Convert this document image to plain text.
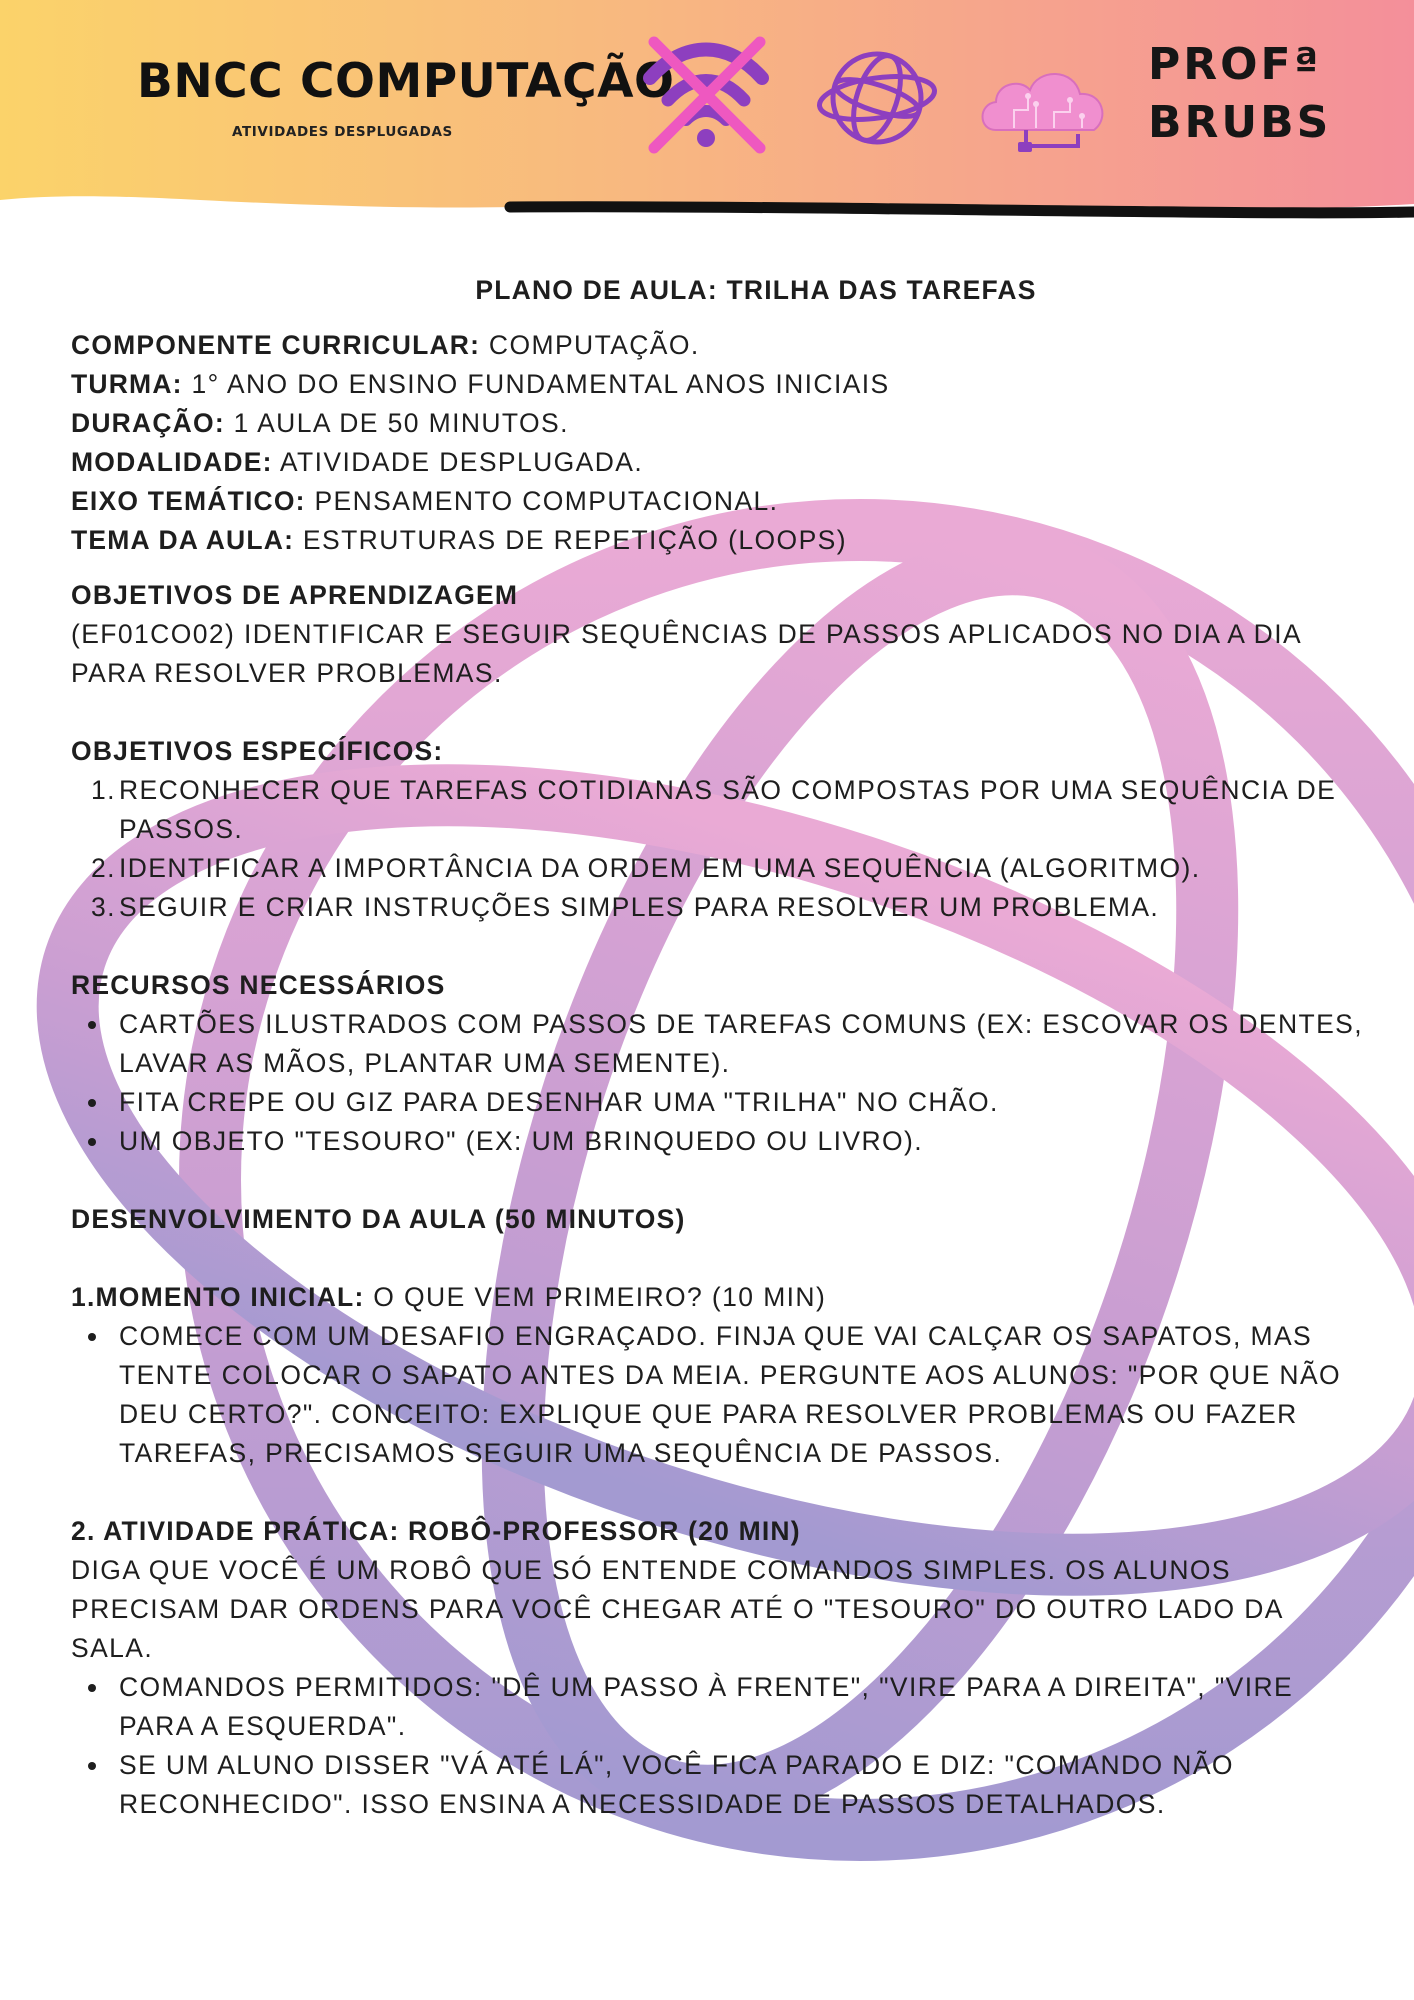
BNCC COMPUTAÇÃO
ATIVIDADES DESPLUGADAS
PROFª
BRUBS

PLANO DE AULA: TRILHA DAS TAREFAS

COMPONENTE CURRICULAR: COMPUTAÇÃO.

TURMA: 1° ANO DO ENSINO FUNDAMENTAL ANOS INICIAIS

DURAÇÃO: 1 AULA DE 50 MINUTOS.

MODALIDADE: ATIVIDADE DESPLUGADA.

EIXO TEMÁTICO: PENSAMENTO COMPUTACIONAL.

TEMA DA AULA: ESTRUTURAS DE REPETIÇÃO (LOOPS)

OBJETIVOS DE APRENDIZAGEM

(EF01CO02) IDENTIFICAR E SEGUIR SEQUÊNCIAS DE PASSOS APLICADOS NO DIA A DIA PARA RESOLVER PROBLEMAS.

OBJETIVOS ESPECÍFICOS:

1. RECONHECER QUE TAREFAS COTIDIANAS SÃO COMPOSTAS POR UMA SEQUÊNCIA DE PASSOS.
2. IDENTIFICAR A IMPORTÂNCIA DA ORDEM EM UMA SEQUÊNCIA (ALGORITMO).
3. SEGUIR E CRIAR INSTRUÇÕES SIMPLES PARA RESOLVER UM PROBLEMA.

RECURSOS NECESSÁRIOS

CARTÕES ILUSTRADOS COM PASSOS DE TAREFAS COMUNS (EX: ESCOVAR OS DENTES, LAVAR AS MÃOS, PLANTAR UMA SEMENTE).
FITA CREPE OU GIZ PARA DESENHAR UMA "TRILHA" NO CHÃO.
UM OBJETO "TESOURO" (EX: UM BRINQUEDO OU LIVRO).

DESENVOLVIMENTO DA AULA (50 MINUTOS)

1.MOMENTO INICIAL: O QUE VEM PRIMEIRO? (10 MIN)

COMECE COM UM DESAFIO ENGRAÇADO. FINJA QUE VAI CALÇAR OS SAPATOS, MAS TENTE COLOCAR O SAPATO ANTES DA MEIA. PERGUNTE AOS ALUNOS: "POR QUE NÃO DEU CERTO?". CONCEITO: EXPLIQUE QUE PARA RESOLVER PROBLEMAS OU FAZER TAREFAS, PRECISAMOS SEGUIR UMA SEQUÊNCIA DE PASSOS.

2. ATIVIDADE PRÁTICA: ROBÔ-PROFESSOR (20 MIN)

DIGA QUE VOCÊ É UM ROBÔ QUE SÓ ENTENDE COMANDOS SIMPLES. OS ALUNOS PRECISAM DAR ORDENS PARA VOCÊ CHEGAR ATÉ O "TESOURO" DO OUTRO LADO DA SALA.

COMANDOS PERMITIDOS: "DÊ UM PASSO À FRENTE", "VIRE PARA A DIREITA", "VIRE PARA A ESQUERDA".
SE UM ALUNO DISSER "VÁ ATÉ LÁ", VOCÊ FICA PARADO E DIZ: "COMANDO NÃO RECONHECIDO". ISSO ENSINA A NECESSIDADE DE PASSOS DETALHADOS.
